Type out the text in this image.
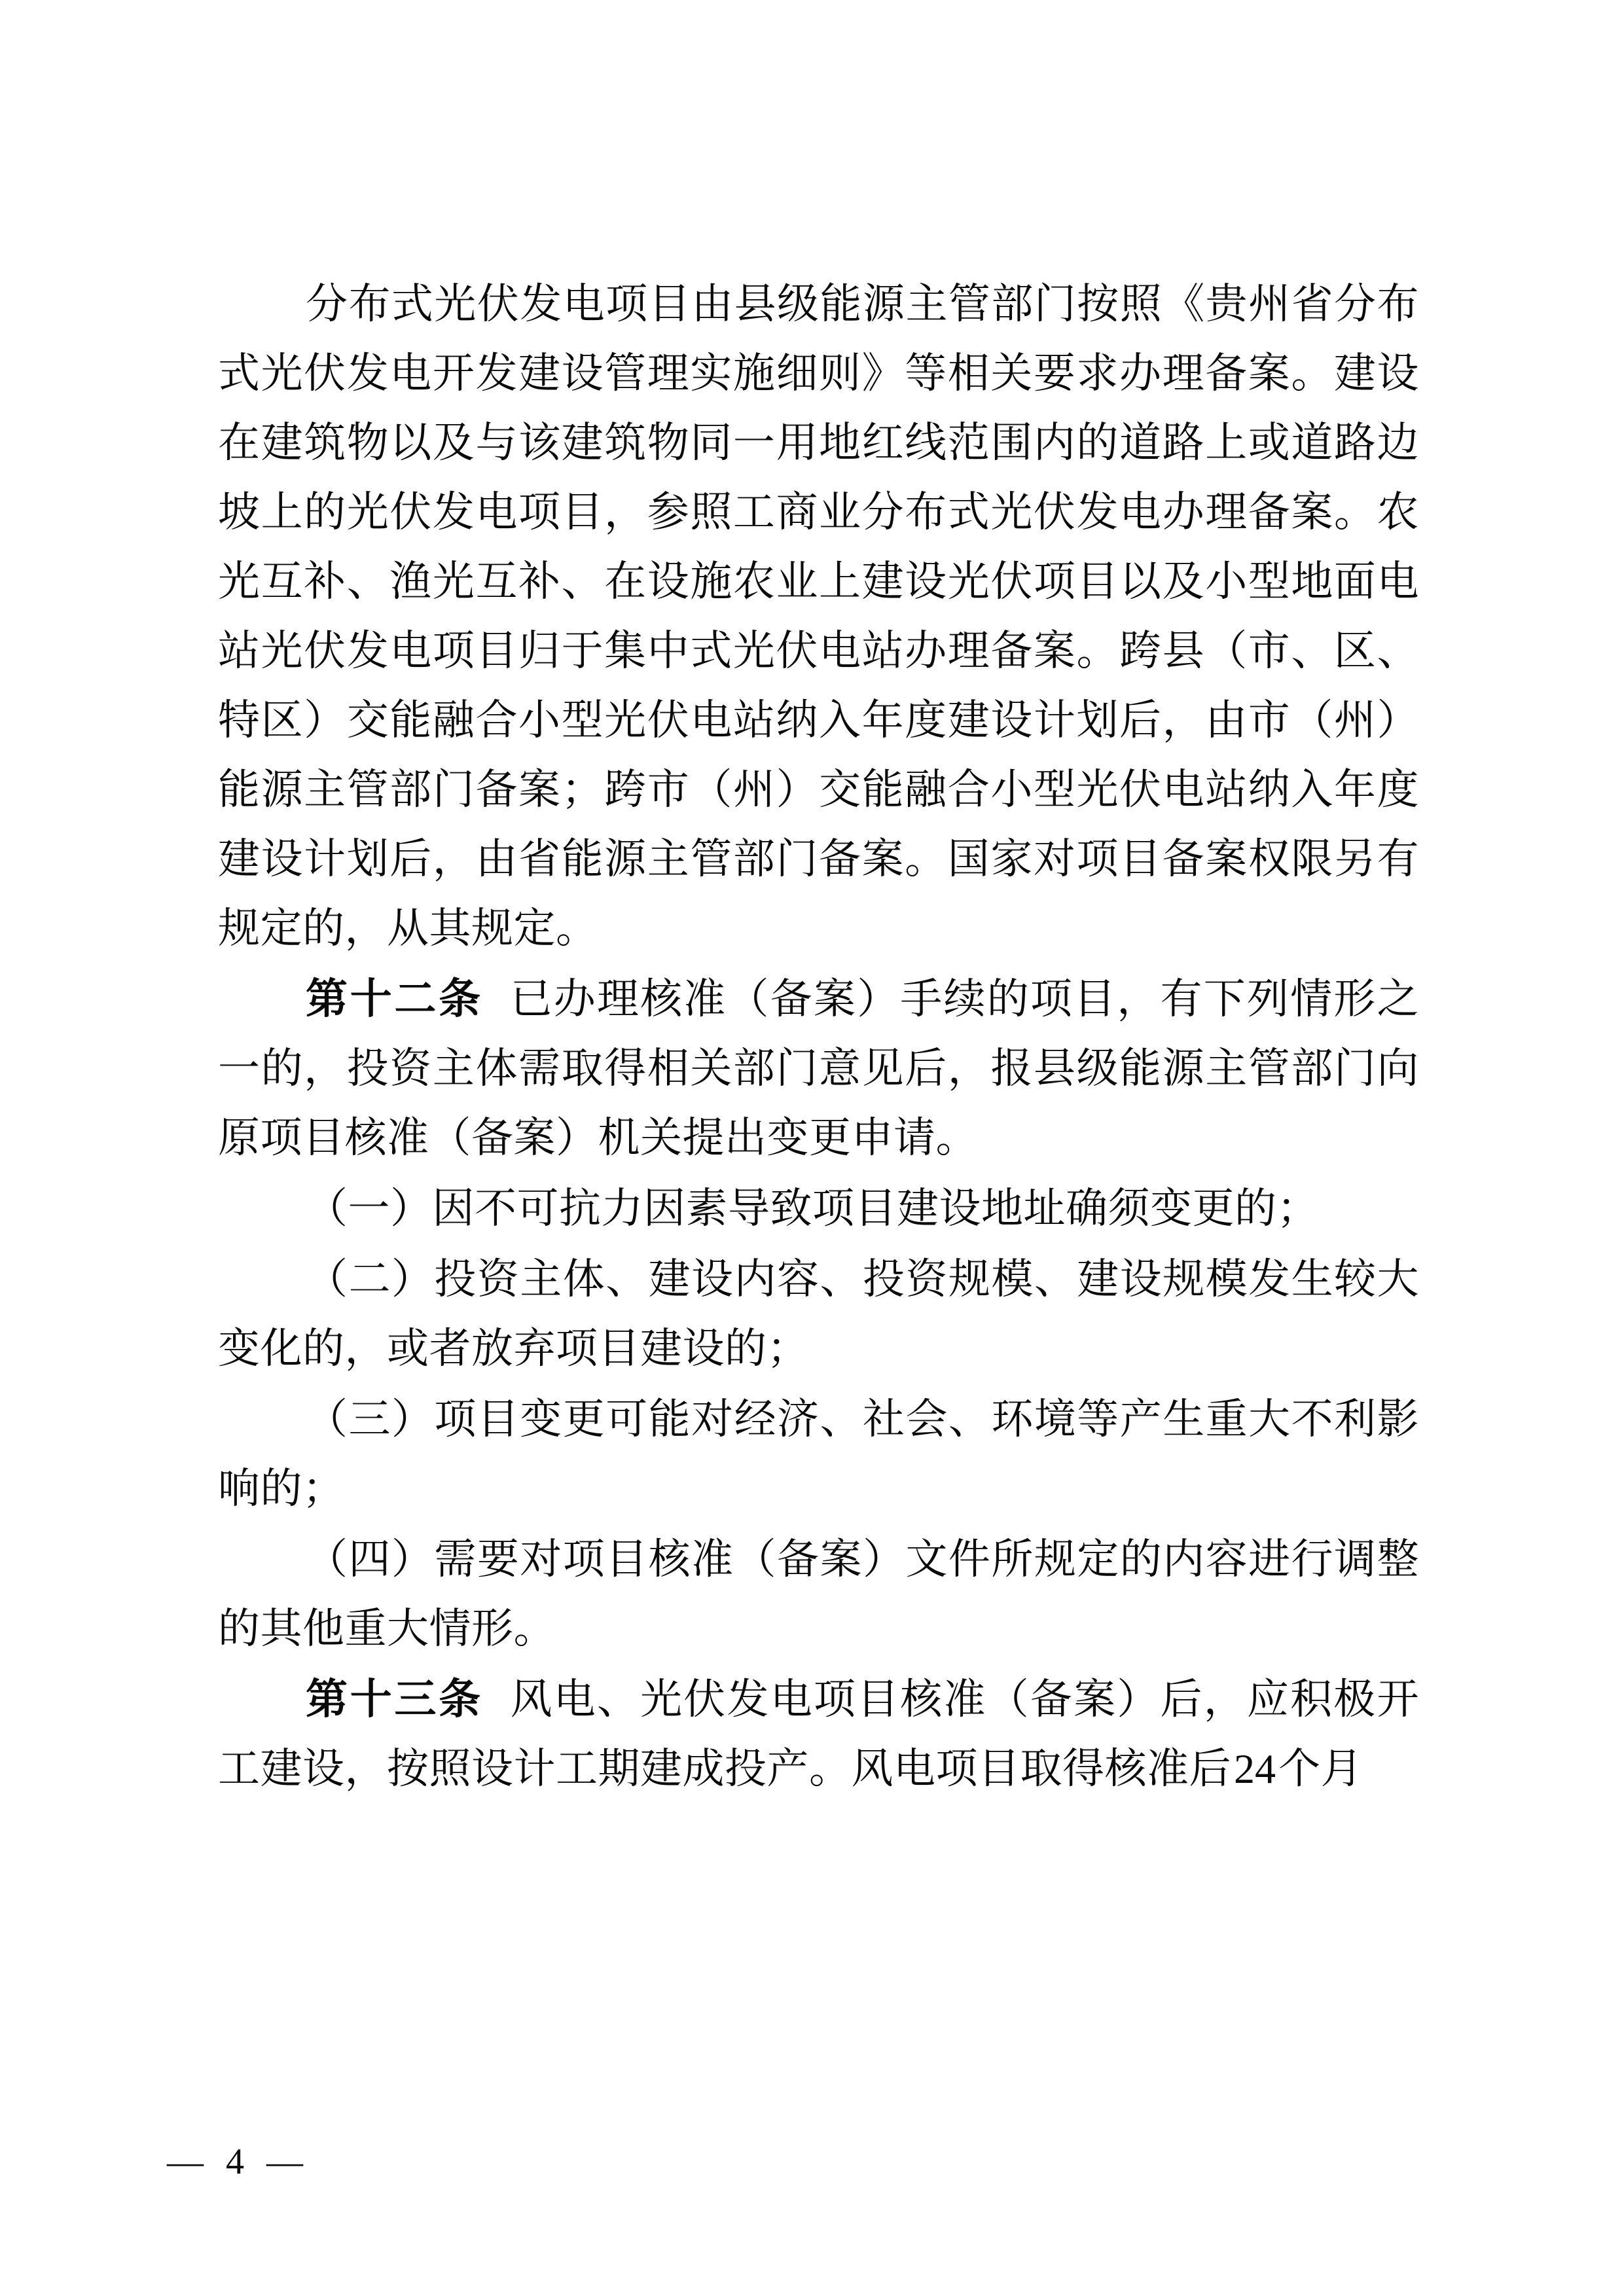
分布式光伏发电项目由县级能源主管部门按照《贵州省分布式光伏发电开发建设管理实施细则》等相关要求办理备案。建设在建筑物以及与该建筑物同一用地红线范围内的道路上或道路边坡上的光伏发电项目，参照工商业分布式光伏发电办理备案。农光互补、渔光互补、在设施农业上建设光伏项目以及小型地面电站光伏发电项目归于集中式光伏电站办理备案。跨县（市、区、特区）交能融合小型光伏电站纳入年度建设计划后，由市（州）能源主管部门备案；跨市（州）交能融合小型光伏电站纳入年度建设计划后，由省能源主管部门备案。国家对项目备案权限另有规定的，从其规定。

第十二条 已办理核准（备案）手续的项目，有下列情形之一的，投资主体需取得相关部门意见后，报县级能源主管部门向原项目核准（备案）机关提出变更申请。

（一）因不可抗力因素导致项目建设地址确须变更的；

（二）投资主体、建设内容、投资规模、建设规模发生较大变化的，或者放弃项目建设的；

（三）项目变更可能对经济、社会、环境等产生重大不利影响的；

（四）需要对项目核准（备案）文件所规定的内容进行调整的其他重大情形。

第十三条 风电、光伏发电项目核准（备案）后，应积极开工建设，按照设计工期建成投产。风电项目取得核准后24个月

— 4 —
